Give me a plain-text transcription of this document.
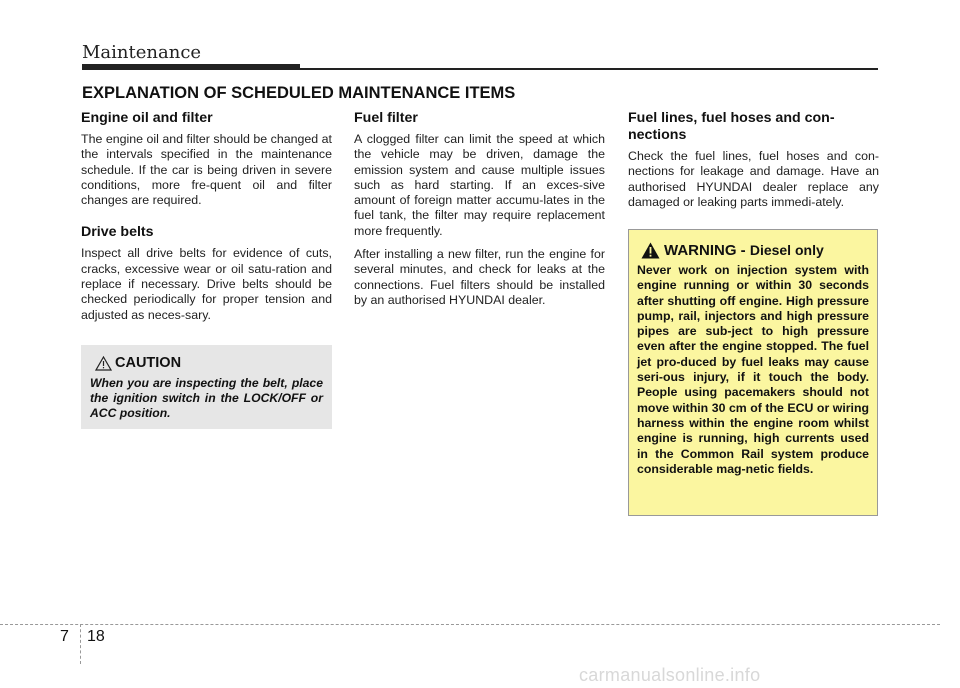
Maintenance
EXPLANATION OF SCHEDULED MAINTENANCE ITEMS
Engine oil and filter

The engine oil and filter should be changed at the intervals specified in the maintenance schedule. If the car is being driven in severe conditions, more fre-quent oil and filter changes are required.

Drive belts

Inspect all drive belts for evidence of cuts, cracks, excessive wear or oil satu-ration and replace if necessary. Drive belts should be checked periodically for proper tension and adjusted as neces-sary.

CAUTION
When you are inspecting the belt, place the ignition switch in the LOCK/OFF or ACC position.
Fuel filter

A clogged filter can limit the speed at which the vehicle may be driven, damage the emission system and cause multiple issues such as hard starting. If an exces-sive amount of foreign matter accumu-lates in the fuel tank, the filter may require replacement more frequently.

After installing a new filter, run the engine for several minutes, and check for leaks at the connections. Fuel filters should be installed by an authorised HYUNDAI dealer.

Fuel lines, fuel hoses and con-nections

Check the fuel lines, fuel hoses and con-nections for leakage and damage. Have an authorised HYUNDAI dealer replace any damaged or leaking parts immedi-ately.

WARNING - Diesel only
Never work on injection system with engine running or within 30 seconds after shutting off engine. High pressure pump, rail, injectors and high pressure pipes are sub-ject to high pressure even after the engine stopped. The fuel jet pro-duced by fuel leaks may cause seri-ous injury, if it touch the body. People using pacemakers should not move within 30 cm of the ECU or wiring harness within the engine room whilst engine is running, high currents used in the Common Rail system produce considerable mag-netic fields.
7 18
carmanualsonline.info
